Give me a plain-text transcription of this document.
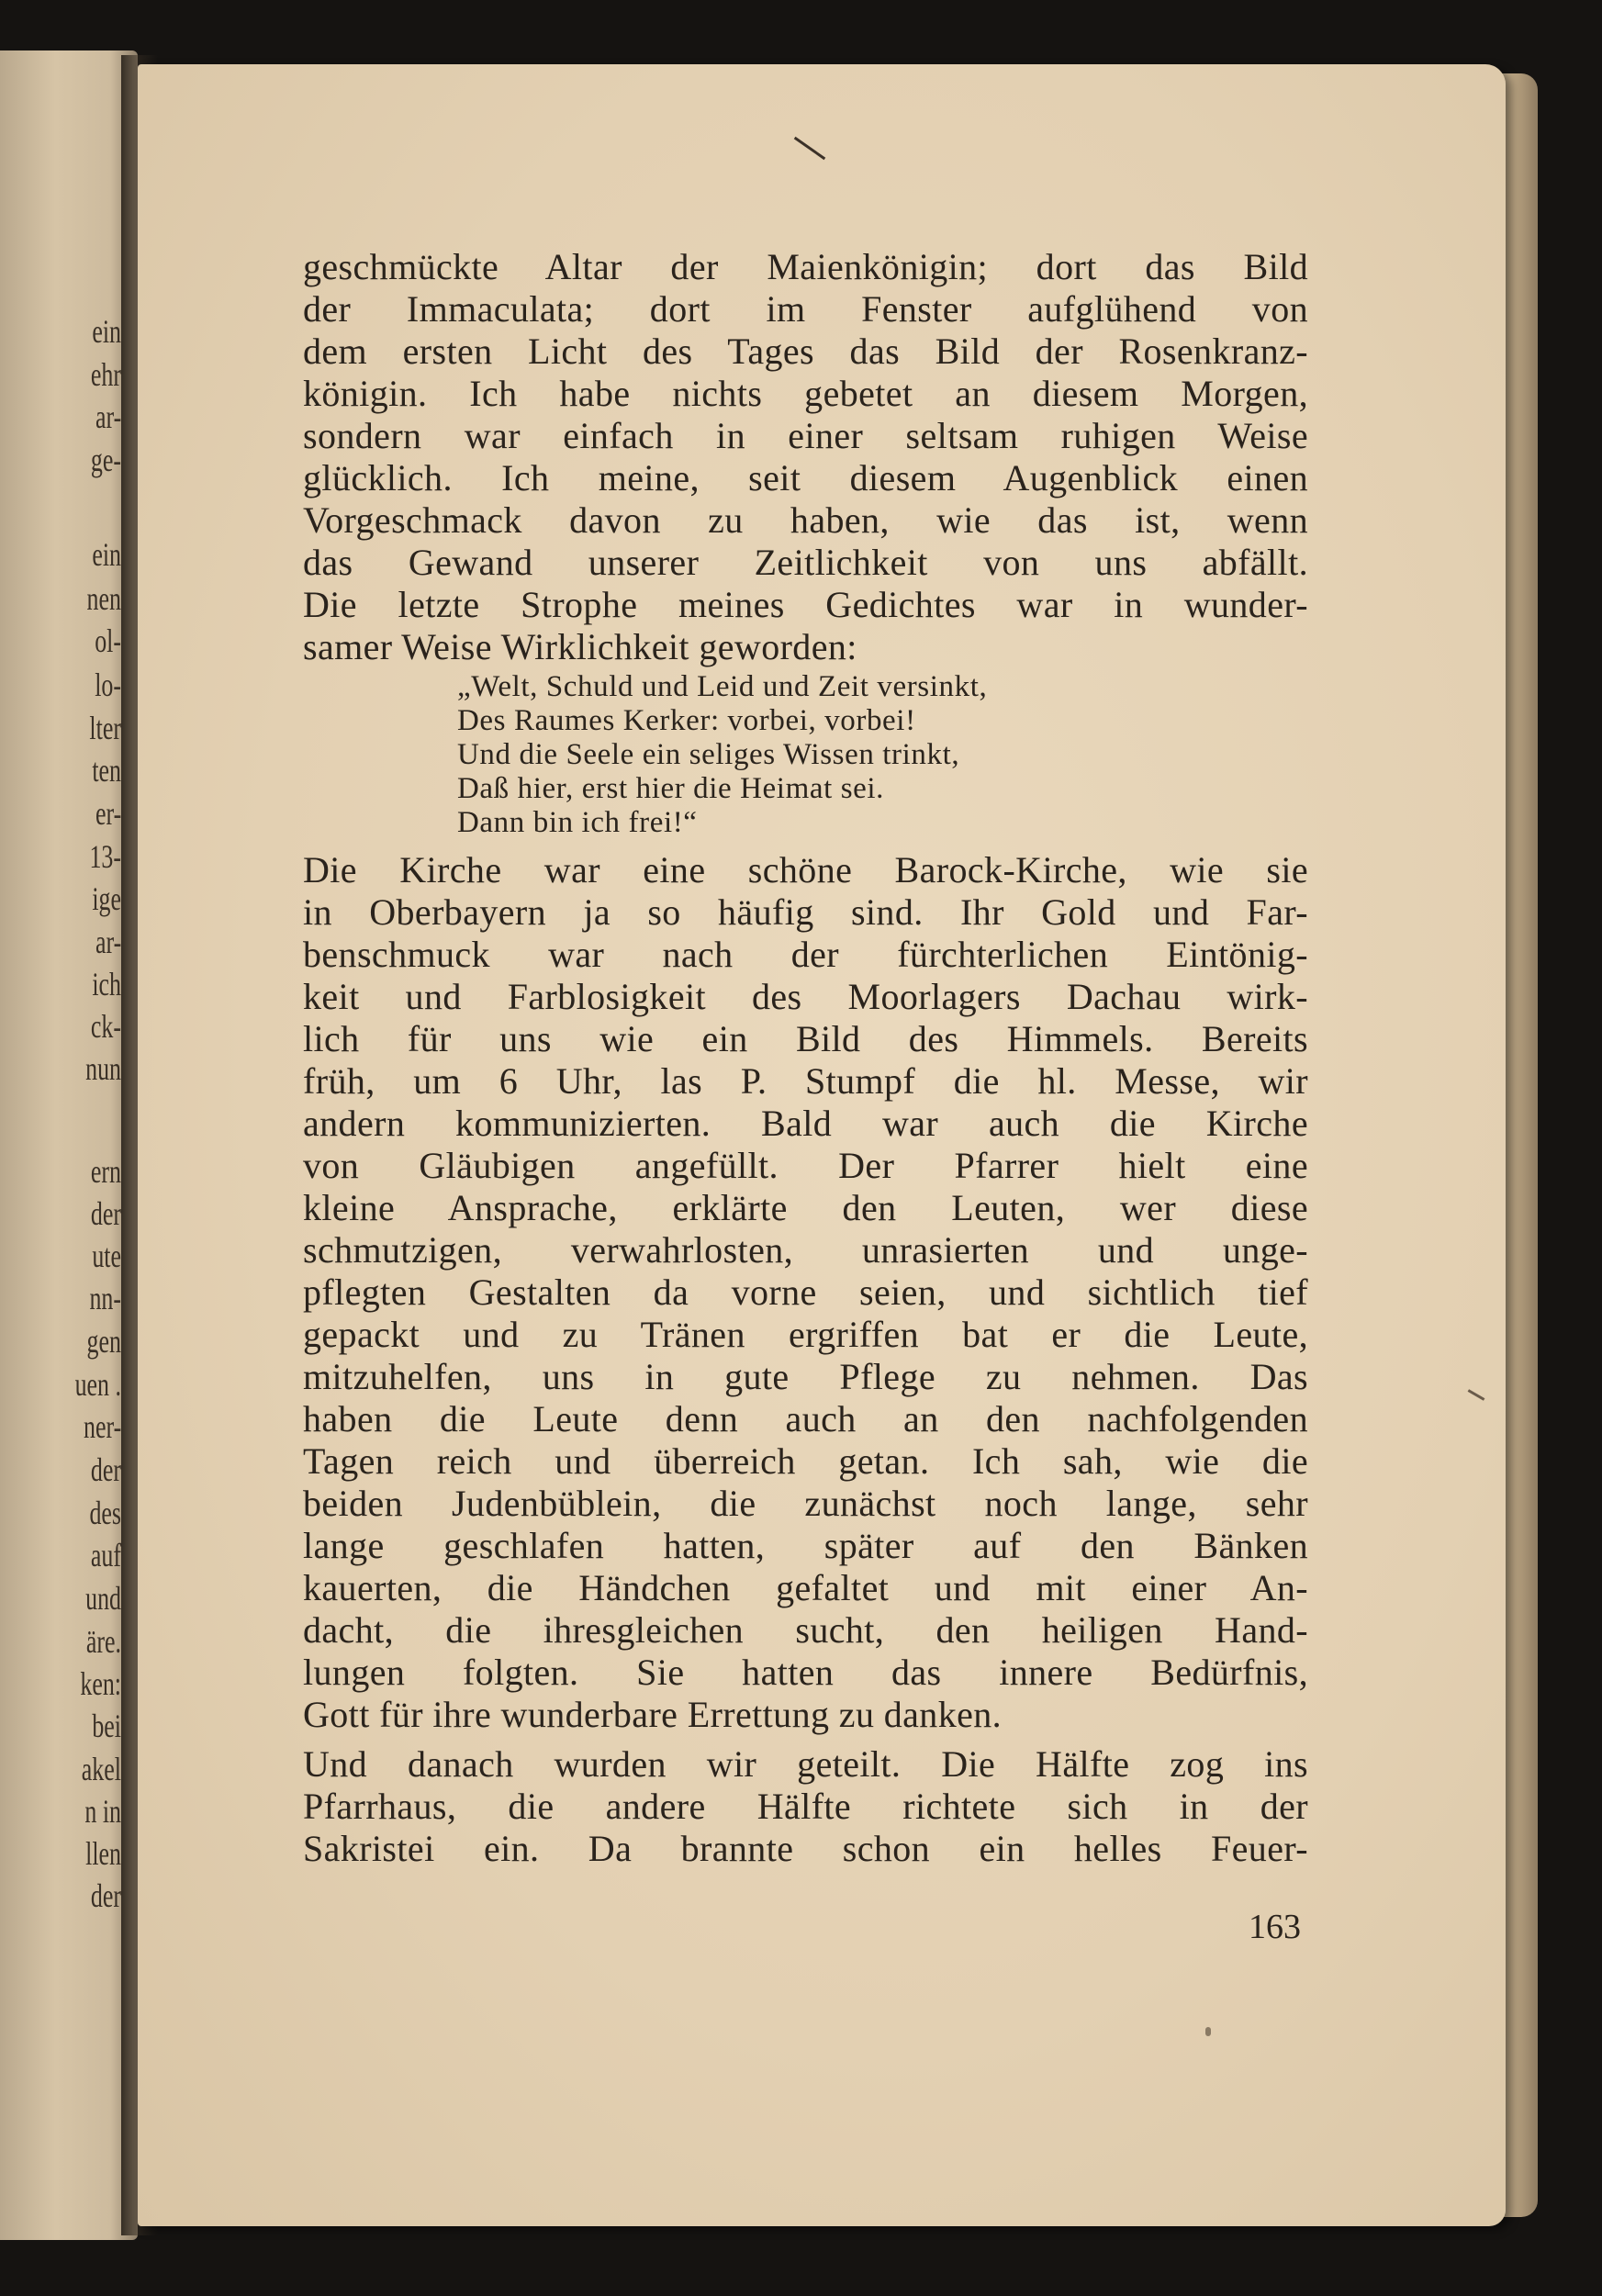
ein
ehr
ar-
ge-
ein
nen
ol-
lo-
lter
ten
er-
13-
ige
ar-
ich
ck-
nun
ern
der
ute
nn-
gen
uen .
ner-
der
des
auf
und
äre.
ken:
bei
akel
n in
llen
der
geschmückte Altar der Maienkönigin; dort das Bild
der Immaculata; dort im Fenster aufglühend von
dem ersten Licht des Tages das Bild der Rosenkranz-
königin. Ich habe nichts gebetet an diesem Morgen,
sondern war einfach in einer seltsam ruhigen Weise
glücklich. Ich meine, seit diesem Augenblick einen
Vorgeschmack davon zu haben, wie das ist, wenn
das Gewand unserer Zeitlichkeit von uns abfällt.
Die letzte Strophe meines Gedichtes war in wunder-
samer Weise Wirklichkeit geworden:
„Welt, Schuld und Leid und Zeit versinkt,
Des Raumes Kerker: vorbei, vorbei!
Und die Seele ein seliges Wissen trinkt,
Daß hier, erst hier die Heimat sei.
Dann bin ich frei!“
Die Kirche war eine schöne Barock-Kirche, wie sie
in Oberbayern ja so häufig sind. Ihr Gold und Far-
benschmuck war nach der fürchterlichen Eintönig-
keit und Farblosigkeit des Moorlagers Dachau wirk-
lich für uns wie ein Bild des Himmels. Bereits
früh, um 6 Uhr, las P. Stumpf die hl. Messe, wir
andern kommunizierten. Bald war auch die Kirche
von Gläubigen angefüllt. Der Pfarrer hielt eine
kleine Ansprache, erklärte den Leuten, wer diese
schmutzigen, verwahrlosten, unrasierten und unge-
pflegten Gestalten da vorne seien, und sichtlich tief
gepackt und zu Tränen ergriffen bat er die Leute,
mitzuhelfen, uns in gute Pflege zu nehmen. Das
haben die Leute denn auch an den nachfolgenden
Tagen reich und überreich getan. Ich sah, wie die
beiden Judenbüblein, die zunächst noch lange, sehr
lange geschlafen hatten, später auf den Bänken
kauerten, die Händchen gefaltet und mit einer An-
dacht, die ihresgleichen sucht, den heiligen Hand-
lungen folgten. Sie hatten das innere Bedürfnis,
Gott für ihre wunderbare Errettung zu danken.
Und danach wurden wir geteilt. Die Hälfte zog ins
Pfarrhaus, die andere Hälfte richtete sich in der
Sakristei ein. Da brannte schon ein helles Feuer-
163
